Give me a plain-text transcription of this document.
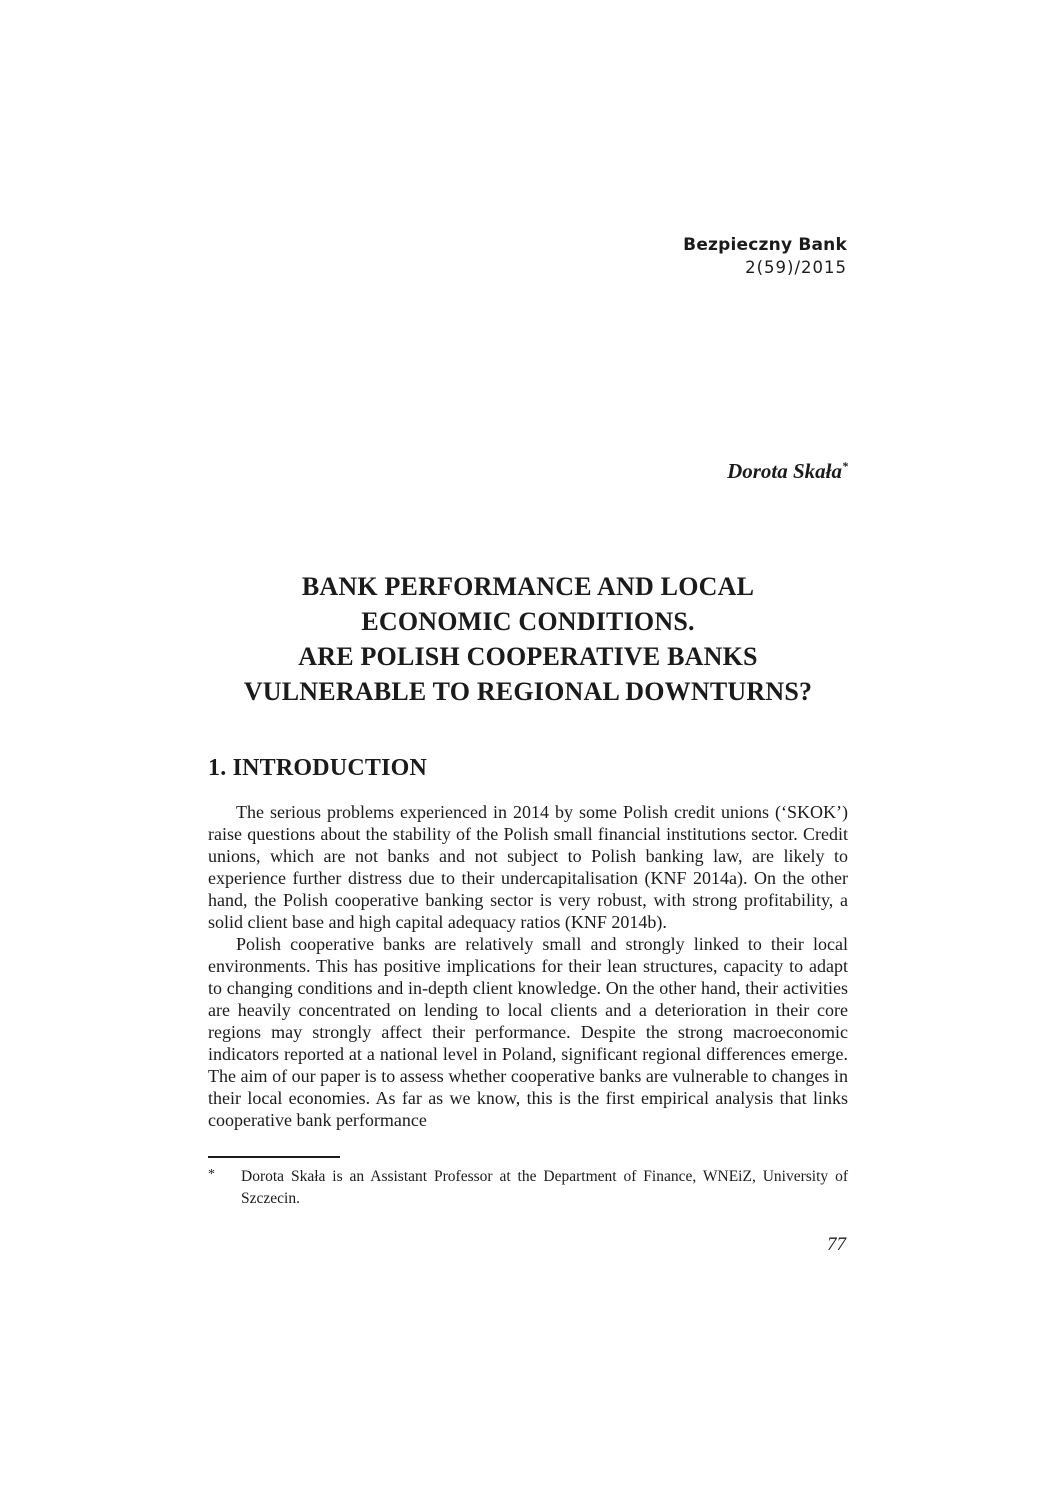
Bezpieczny Bank
2(59)/2015
Dorota Skała*
BANK PERFORMANCE AND LOCAL
ECONOMIC CONDITIONS.
ARE POLISH COOPERATIVE BANKS
VULNERABLE TO REGIONAL DOWNTURNS?
1. INTRODUCTION

The serious problems experienced in 2014 by some Polish credit unions (‘SKOK’) raise questions about the stability of the Polish small financial institutions sector. Credit unions, which are not banks and not subject to Polish banking law, are likely to experience further distress due to their undercapitalisation (KNF 2014a). On the other hand, the Polish cooperative banking sector is very robust, with strong profitability, a solid client base and high capital adequacy ratios (KNF 2014b).

Polish cooperative banks are relatively small and strongly linked to their local environments. This has positive implications for their lean structures, capacity to adapt to changing conditions and in-depth client knowledge. On the other hand, their activities are heavily concentrated on lending to local clients and a deterioration in their core regions may strongly affect their performance. Despite the strong macroeconomic indicators reported at a national level in Poland, significant regional differences emerge. The aim of our paper is to assess whether cooperative banks are vulnerable to changes in their local economies. As far as we know, this is the first empirical analysis that links cooperative bank performance

*	Dorota Skała is an Assistant Professor at the Department of Finance, WNEiZ, University of Szczecin.
77
